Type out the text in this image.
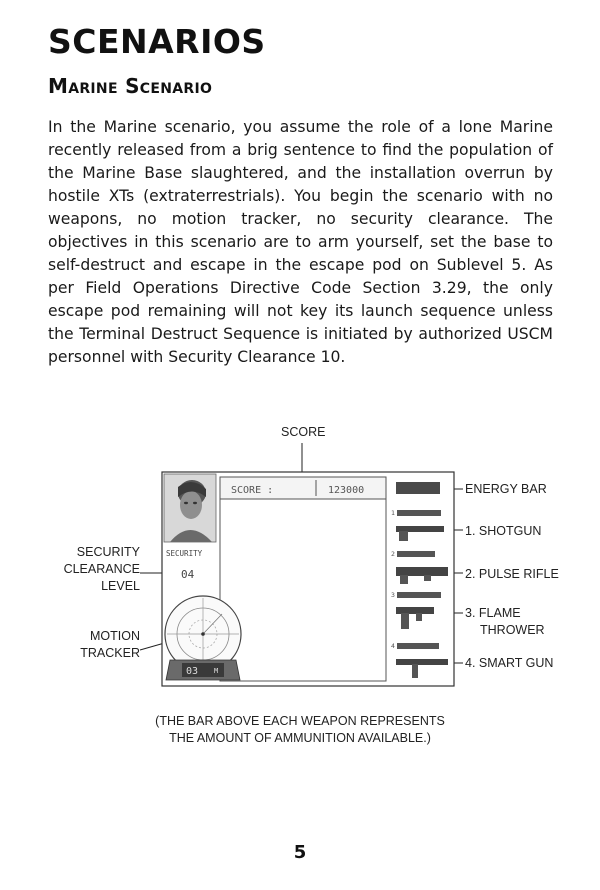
SCENARIOS
Marine Scenario
In the Marine scenario, you assume the role of a lone Marine recently released from a brig sentence to find the population of the Marine Base slaughtered, and the installation overrun by hostile XTs (extraterrestrials). You begin the scenario with no weapons, no motion tracker, no security clearance. The objectives in this scenario are to arm yourself, set the base to self-destruct and escape in the escape pod on Sublevel 5. As per Field Operations Directive Code Section 3.29, the only escape pod remaining will not key its launch sequence unless the Terminal Destruct Sequence is initiated by authorized USCM personnel with Security Clearance 10.
SCORE
SECURITY
CLEARANCE
LEVEL
MOTION
TRACKER
ENERGY BAR
1. SHOTGUN
2. PULSE RIFLE
3. FLAME
THROWER
4. SMART GUN
SCORE :	123000
SECURITY
04
03 M
1
2
3
4
(THE BAR ABOVE EACH WEAPON REPRESENTS
THE AMOUNT OF AMMUNITION AVAILABLE.)
5
